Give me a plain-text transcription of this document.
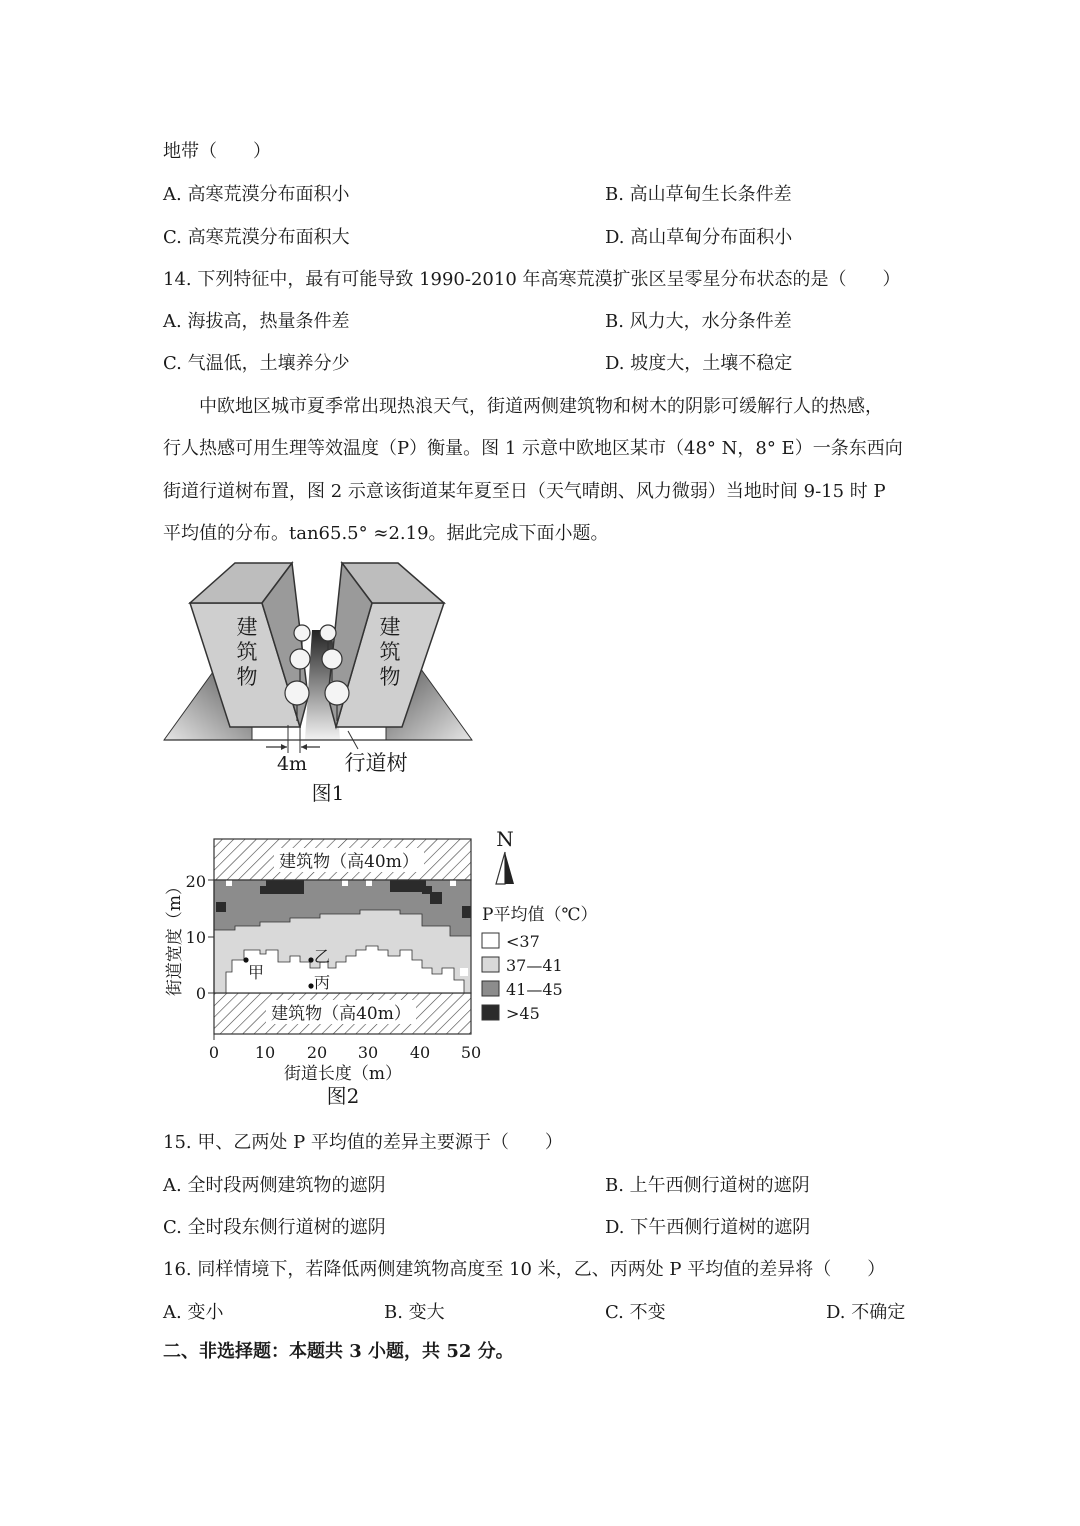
地带（　　）
A. 高寒荒漠分布面积小	B. 高山草甸生长条件差
C. 高寒荒漠分布面积大	D. 高山草甸分布面积小
14. 下列特征中，最有可能导致 1990-2010 年高寒荒漠扩张区呈零星分布状态的是（　　）
A. 海拔高，热量条件差	B. 风力大，水分条件差
C. 气温低，土壤养分少	D. 坡度大，土壤不稳定
　　中欧地区城市夏季常出现热浪天气，街道两侧建筑物和树木的阴影可缓解行人的热感，
行人热感可用生理等效温度（P）衡量。图 1 示意中欧地区某市（48° N，8° E）一条东西向
街道行道树布置，图 2 示意该街道某年夏至日（天气晴朗、风力微弱）当地时间 9-15 时 P
平均值的分布。tan65.5° ≈2.19。据此完成下面小题。
建
筑
物
建
筑
物
4m 行道树
图1
建筑物（高40m）
建筑物（高40m）
甲
乙
丙
20
10
0
街道宽度（m）
0 10 20 30 40 50
街道长度（m）
图2
N
P平均值（℃）
<37
37—41
41—45
>45
15. 甲、乙两处 P 平均值的差异主要源于（　　）
A. 全时段两侧建筑物的遮阴	B. 上午西侧行道树的遮阴
C. 全时段东侧行道树的遮阴	D. 下午西侧行道树的遮阴
16. 同样情境下，若降低两侧建筑物高度至 10 米，乙、丙两处 P 平均值的差异将（　　）
A. 变小	B. 变大	C. 不变	D. 不确定
二、非选择题：本题共 3 小题，共 52 分。
